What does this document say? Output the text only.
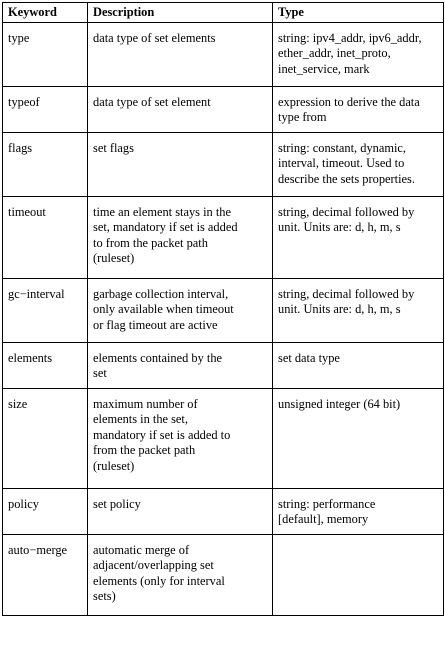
Keyword	Description	Type
type	data type of set elements	string: ipv4_addr, ipv6_addr,
ether_addr, inet_proto,
inet_service, mark

typeof	data type of set element	expression to derive the data
type from

flags	set flags	string: constant, dynamic,
interval, timeout. Used to
describe the sets properties.

timeout	time an element stays in the
set, mandatory if set is added
to from the packet path
(ruleset)	string, decimal followed by
unit. Units are: d, h, m, s

gc−interval	garbage collection interval,
only available when timeout
or flag timeout are active	string, decimal followed by
unit. Units are: d, h, m, s

elements	elements contained by the
set	set data type

size	maximum number of
elements in the set,
mandatory if set is added to
from the packet path
(ruleset)	unsigned integer (64 bit)

policy	set policy	string: performance
[default], memory

auto−merge	automatic merge of
adjacent/overlapping set
elements (only for interval
sets)	
